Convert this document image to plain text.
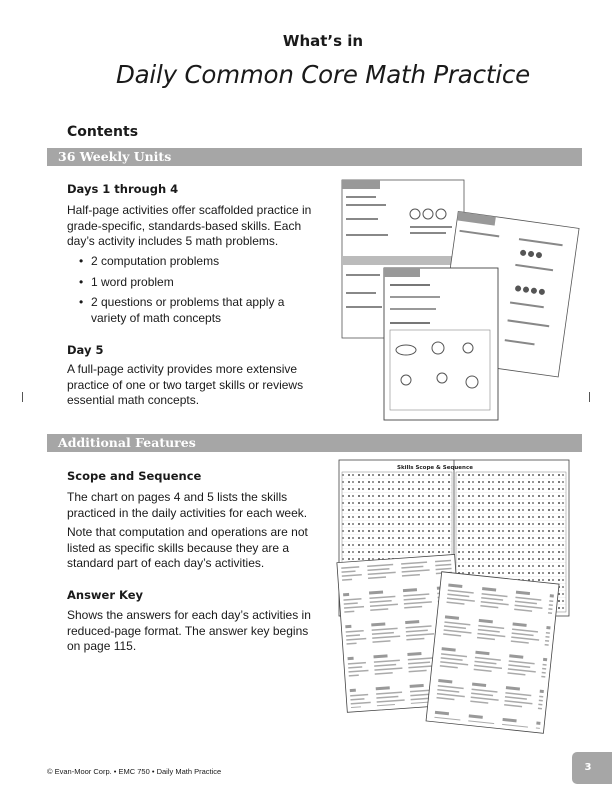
What’s in
Daily Common Core Math Practice
Contents
36 Weekly Units
Days 1 through 4
Half-page activities offer scaffolded practice in grade-specific, standards-based skills. Each day’s activity includes 5 math problems.
• 2 computation problems
• 1 word problem
• 2 questions or problems that apply a variety of math concepts
Day 5
A full-page activity provides more extensive practice of one or two target skills or reviews essential math concepts.
Additional Features
Scope and Sequence
The chart on pages 4 and 5 lists the skills practiced in the daily activities for each week.
Note that computation and operations are not listed as specific skills because they are a standard part of each day’s activities.
Answer Key
Shows the answers for each day’s activities in reduced-page format. The answer key begins on page 115.
Skills Scope & Sequence
© Evan-Moor Corp. • EMC 750 • Daily Math Practice	3
